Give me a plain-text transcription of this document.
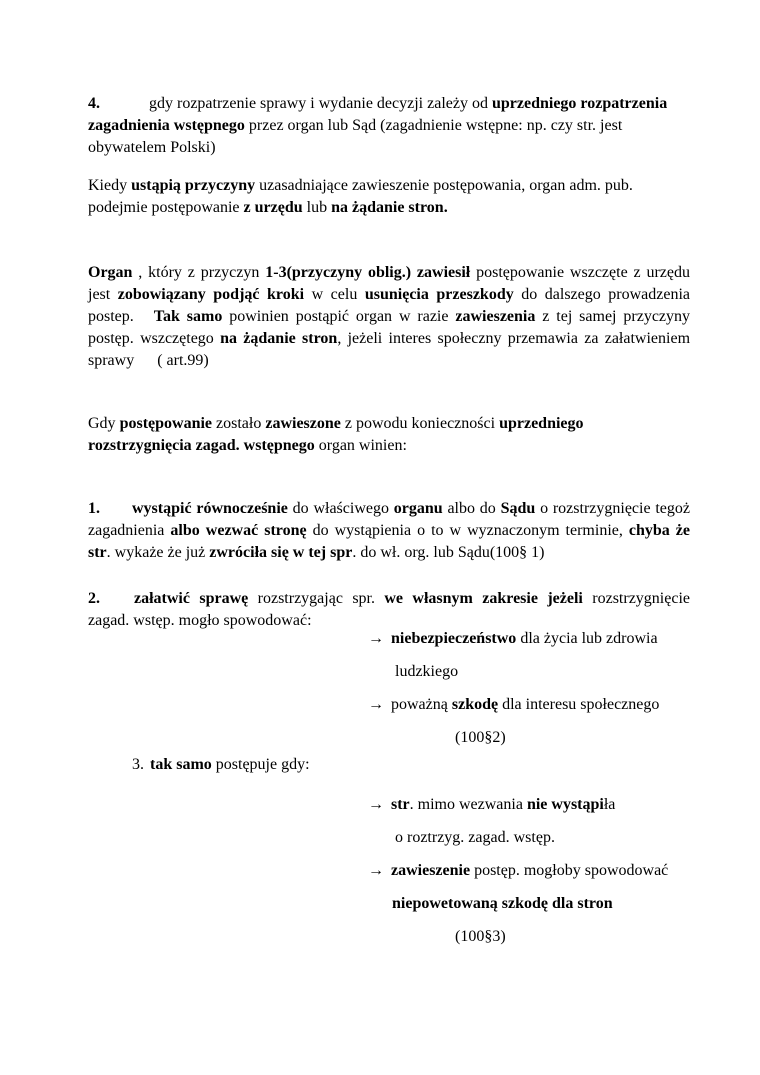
4.	gdy rozpatrzenie sprawy i wydanie decyzji zależy od uprzedniego rozpatrzenia zagadnienia wstępnego przez organ lub Sąd (zagadnienie wstępne: np. czy str. jest obywatelem Polski)
Kiedy ustąpią przyczyny uzasadniające zawieszenie postępowania, organ adm. pub. podejmie postępowanie z urzędu lub na żądanie stron.
Organ , który z przyczyn 1-3(przyczyny oblig.) zawiesił postępowanie wszczęte z urzędu jest zobowiązany podjąć kroki w celu usunięcia przeszkody do dalszego prowadzenia postep. Tak samo powinien postąpić organ w razie zawieszenia z tej samej przyczyny postęp. wszczętego na żądanie stron, jeżeli interes społeczny przemawia za załatwieniem sprawy ( art.99)
Gdy postępowanie zostało zawieszone z powodu konieczności uprzedniego rozstrzygnięcia zagad. wstępnego organ winien:
1. wystąpić równocześnie do właściwego organu albo do Sądu o rozstrzygnięcie tegoż zagadnienia albo wezwać stronę do wystąpienia o to w wyznaczonym terminie, chyba że str. wykaże że już zwróciła się w tej spr. do wł. org. lub Sądu(100§ 1)
2. załatwić sprawę rozstrzygając spr. we własnym zakresie jeżeli rozstrzygnięcie zagad. wstęp. mogło spowodować:
→ niebezpieczeństwo dla życia lub zdrowia
ludzkiego
→ poważną szkodę dla interesu społecznego
(100§2)
3. tak samo postępuje gdy:
→ str. mimo wezwania nie wystąpiła
o roztrzyg. zagad. wstęp.
→ zawieszenie postęp. mogłoby spowodować
niepowetowaną szkodę dla stron
(100§3)
